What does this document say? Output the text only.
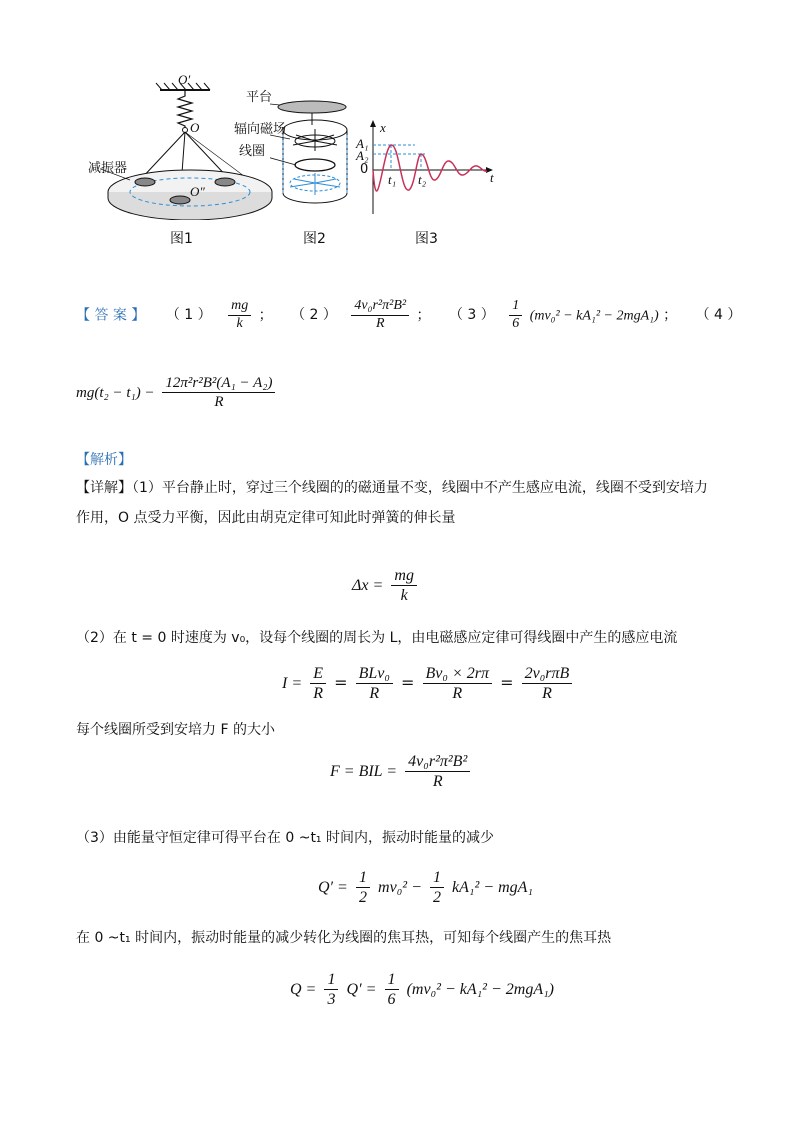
O′
O
O″
减振器
图1
平台
辐向磁场
线圈
图2
x
t
A₁
A₂
0
t₁ t₂
图3
【 答 案 】 （ 1 ） $\frac{mg}{k}$ ； （ 2 ） $\frac{\text{4v₀r²π²B²}}{R}$ ； （ 3 ） $\frac{1}{6} (mv_0^2 - kA_1^2 - 2mgA_1)$ ； （ 4 ）
$mg(t_2 - t_1) - \frac{\text{12π²r²B²(A₁ − A₂)}}{R}$
【解析】
【详解】（1）平台静止时，穿过三个线圈的的磁通量不变，线圈中不产生感应电流，线圈不受到安培力
作用，O 点受力平衡，因此由胡克定律可知此时弹簧的伸长量
$\Delta x = \frac{mg}{k}$
（2）在 t = 0 时速度为 v₀，设每个线圈的周长为 L，由电磁感应定律可得线圈中产生的感应电流
$I = \frac{E}{R} = \frac{\text{BLv₀}}{R} = \frac{\text{Bv₀ × 2rπ}}{R} = \frac{\text{2v₀rπB}}{R}$
每个线圈所受到安培力 F 的大小
F = BIL = $\frac{\text{4v₀r²π²B²}}{R}$
（3）由能量守恒定律可得平台在 0 ~t₁ 时间内，振动时能量的减少
$Q' = \frac{1}{2} mv_0^2 - \frac{1}{2} kA_1^2 - mgA_1$
在 0 ~t₁ 时间内，振动时能量的减少转化为线圈的焦耳热，可知每个线圈产生的焦耳热
$Q = \frac{1}{3} Q' = \frac{1}{6} (mv_0^2 - kA_1^2 - 2mgA_1)$
